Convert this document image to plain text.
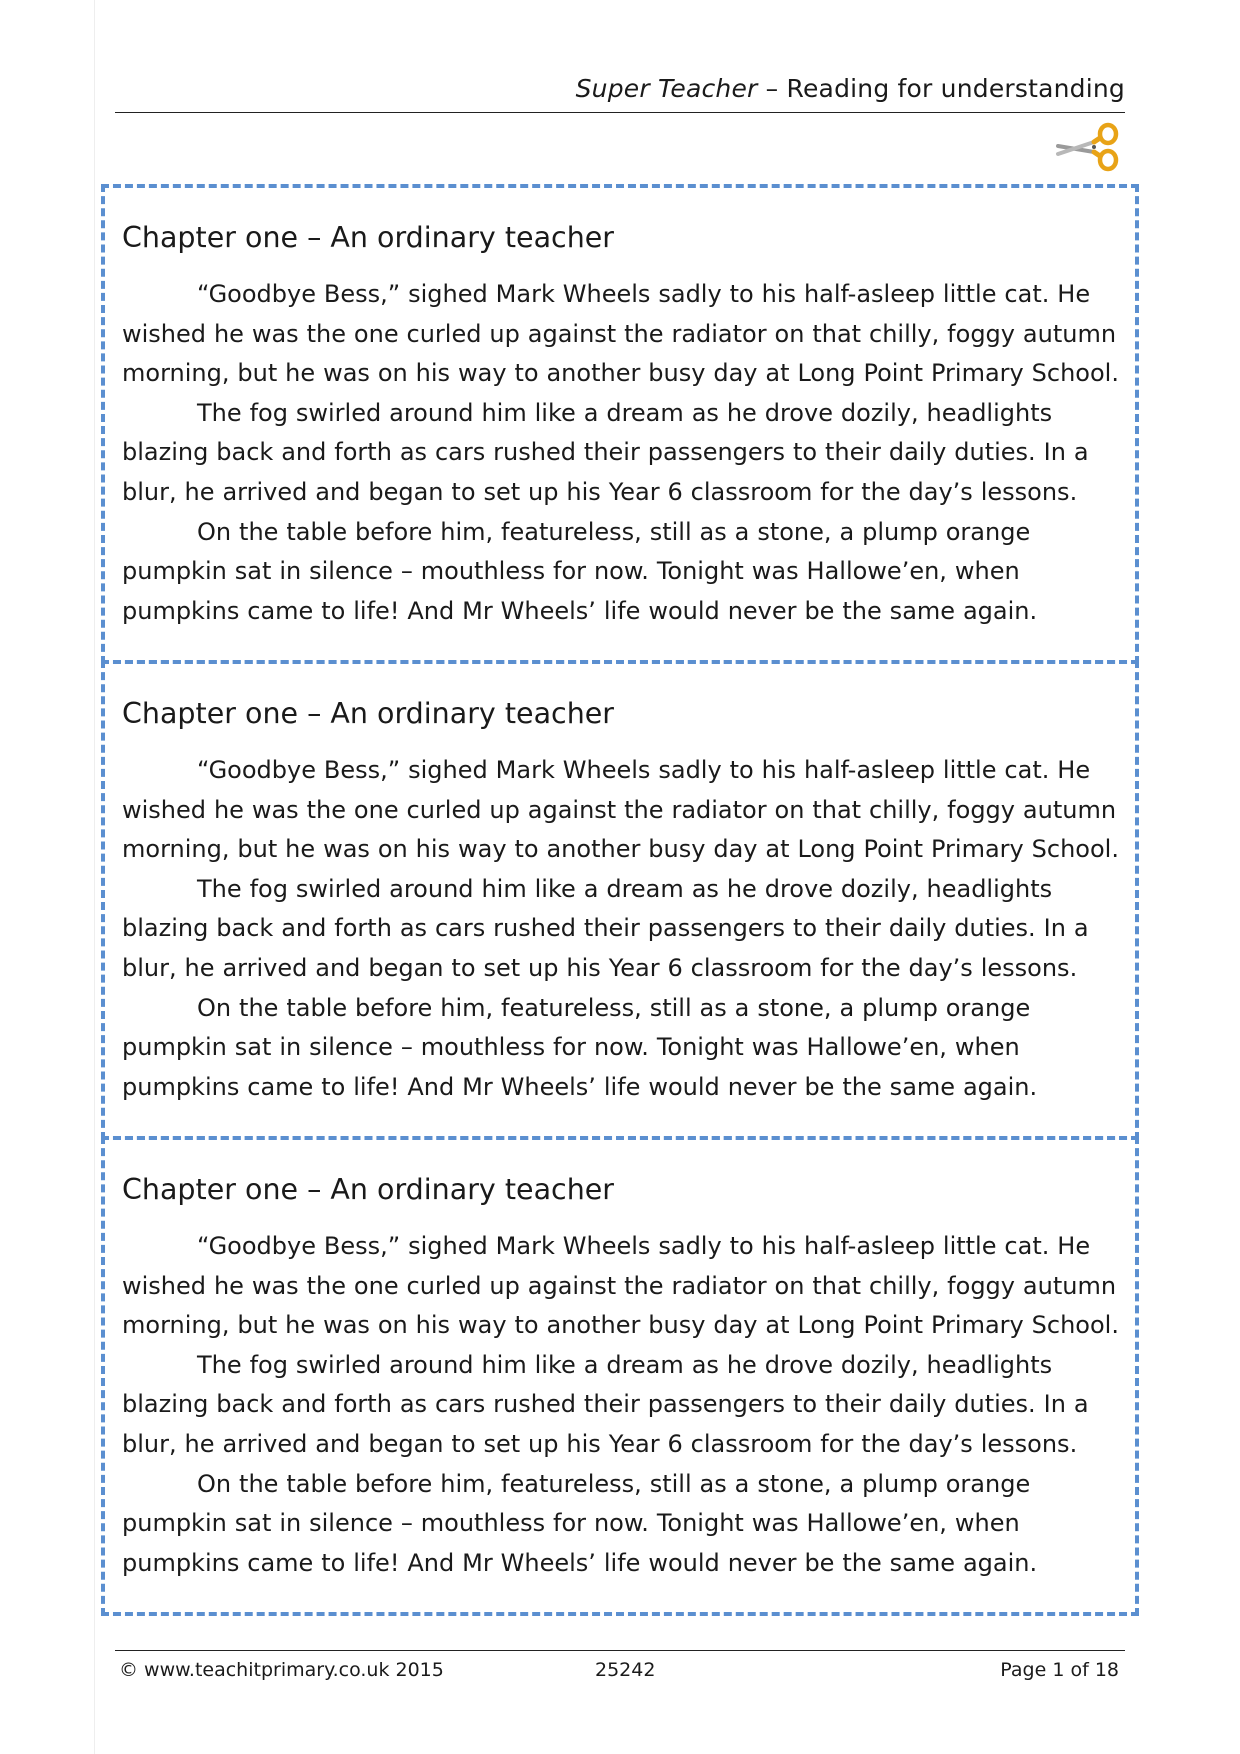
Super Teacher – Reading for understanding
Chapter one – An ordinary teacher

“Goodbye Bess,” sighed Mark Wheels sadly to his half-asleep little cat. He wished he was the one curled up against the radiator on that chilly, foggy autumn morning, but he was on his way to another busy day at Long Point Primary School.

The fog swirled around him like a dream as he drove dozily, headlights blazing back and forth as cars rushed their passengers to their daily duties. In a blur, he arrived and began to set up his Year 6 classroom for the day’s lessons.

On the table before him, featureless, still as a stone, a plump orange pumpkin sat in silence – mouthless for now. Tonight was Hallowe’en, when pumpkins came to life! And Mr Wheels’ life would never be the same again.

Chapter one – An ordinary teacher

“Goodbye Bess,” sighed Mark Wheels sadly to his half-asleep little cat. He wished he was the one curled up against the radiator on that chilly, foggy autumn morning, but he was on his way to another busy day at Long Point Primary School.

The fog swirled around him like a dream as he drove dozily, headlights blazing back and forth as cars rushed their passengers to their daily duties. In a blur, he arrived and began to set up his Year 6 classroom for the day’s lessons.

On the table before him, featureless, still as a stone, a plump orange pumpkin sat in silence – mouthless for now. Tonight was Hallowe’en, when pumpkins came to life! And Mr Wheels’ life would never be the same again.

Chapter one – An ordinary teacher

“Goodbye Bess,” sighed Mark Wheels sadly to his half-asleep little cat. He wished he was the one curled up against the radiator on that chilly, foggy autumn morning, but he was on his way to another busy day at Long Point Primary School.

The fog swirled around him like a dream as he drove dozily, headlights blazing back and forth as cars rushed their passengers to their daily duties. In a blur, he arrived and began to set up his Year 6 classroom for the day’s lessons.

On the table before him, featureless, still as a stone, a plump orange pumpkin sat in silence – mouthless for now. Tonight was Hallowe’en, when pumpkins came to life! And Mr Wheels’ life would never be the same again.

© www.teachitprimary.co.uk 2015	25242	Page 1 of 18
